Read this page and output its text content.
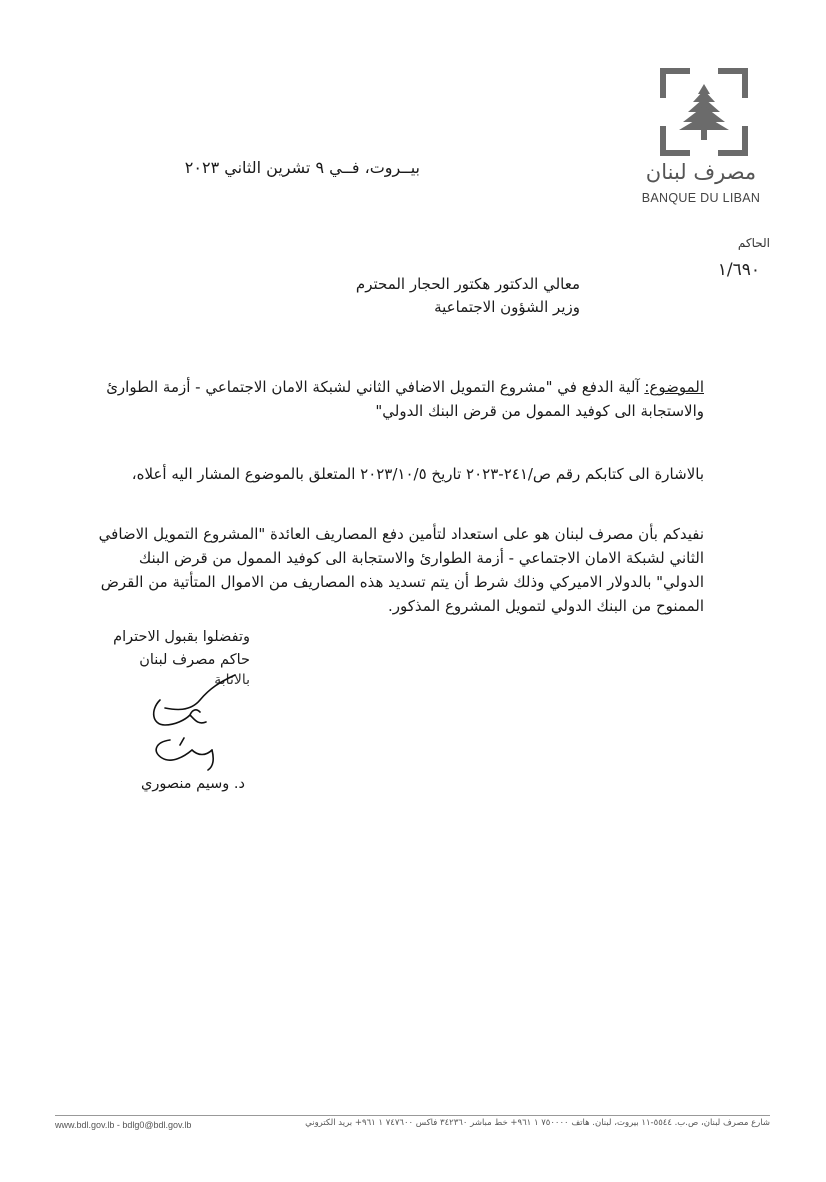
مصرف لبنان
BANQUE DU LIBAN
الحاكم
١/٦٩٠
بيــروت، فــي ٩ تشرين الثاني ٢٠٢٣
معالي الدكتور هكتور الحجار المحترم
وزير الشؤون الاجتماعية
الموضوع: آلية الدفع في "مشروع التمويل الاضافي الثاني لشبكة الامان الاجتماعي - أزمة الطوارئ والاستجابة الى كوفيد الممول من قرض البنك الدولي"
بالاشارة الى كتابكم رقم ص/٢٤١-٢٠٢٣ تاريخ ٢٠٢٣/١٠/٥ المتعلق بالموضوع المشار اليه أعلاه،
نفيدكم بأن مصرف لبنان هو على استعداد لتأمين دفع المصاريف العائدة "المشروع التمويل الاضافي الثاني لشبكة الامان الاجتماعي - أزمة الطوارئ والاستجابة الى كوفيد الممول من قرض البنك الدولي" بالدولار الاميركي وذلك شرط أن يتم تسديد هذه المصاريف من الاموال المتأتية من القرض الممنوح من البنك الدولي لتمويل المشروع المذكور.
وتفضلوا بقبول الاحترام
حاكم مصرف لبنان
بالانابة
د. وسيم منصوري
شارع مصرف لبنان، ص.ب. ٥٥٤٤-١١ بيروت، لبنان. هاتف ٧٥٠٠٠٠ ١ ٩٦١+ خط مباشر ٣٤٢٣٦٠ فاكس ٧٤٧٦٠٠ ١ ٩٦١+ بريد الكتروني
www.bdl.gov.lb - bdlg0@bdl.gov.lb
